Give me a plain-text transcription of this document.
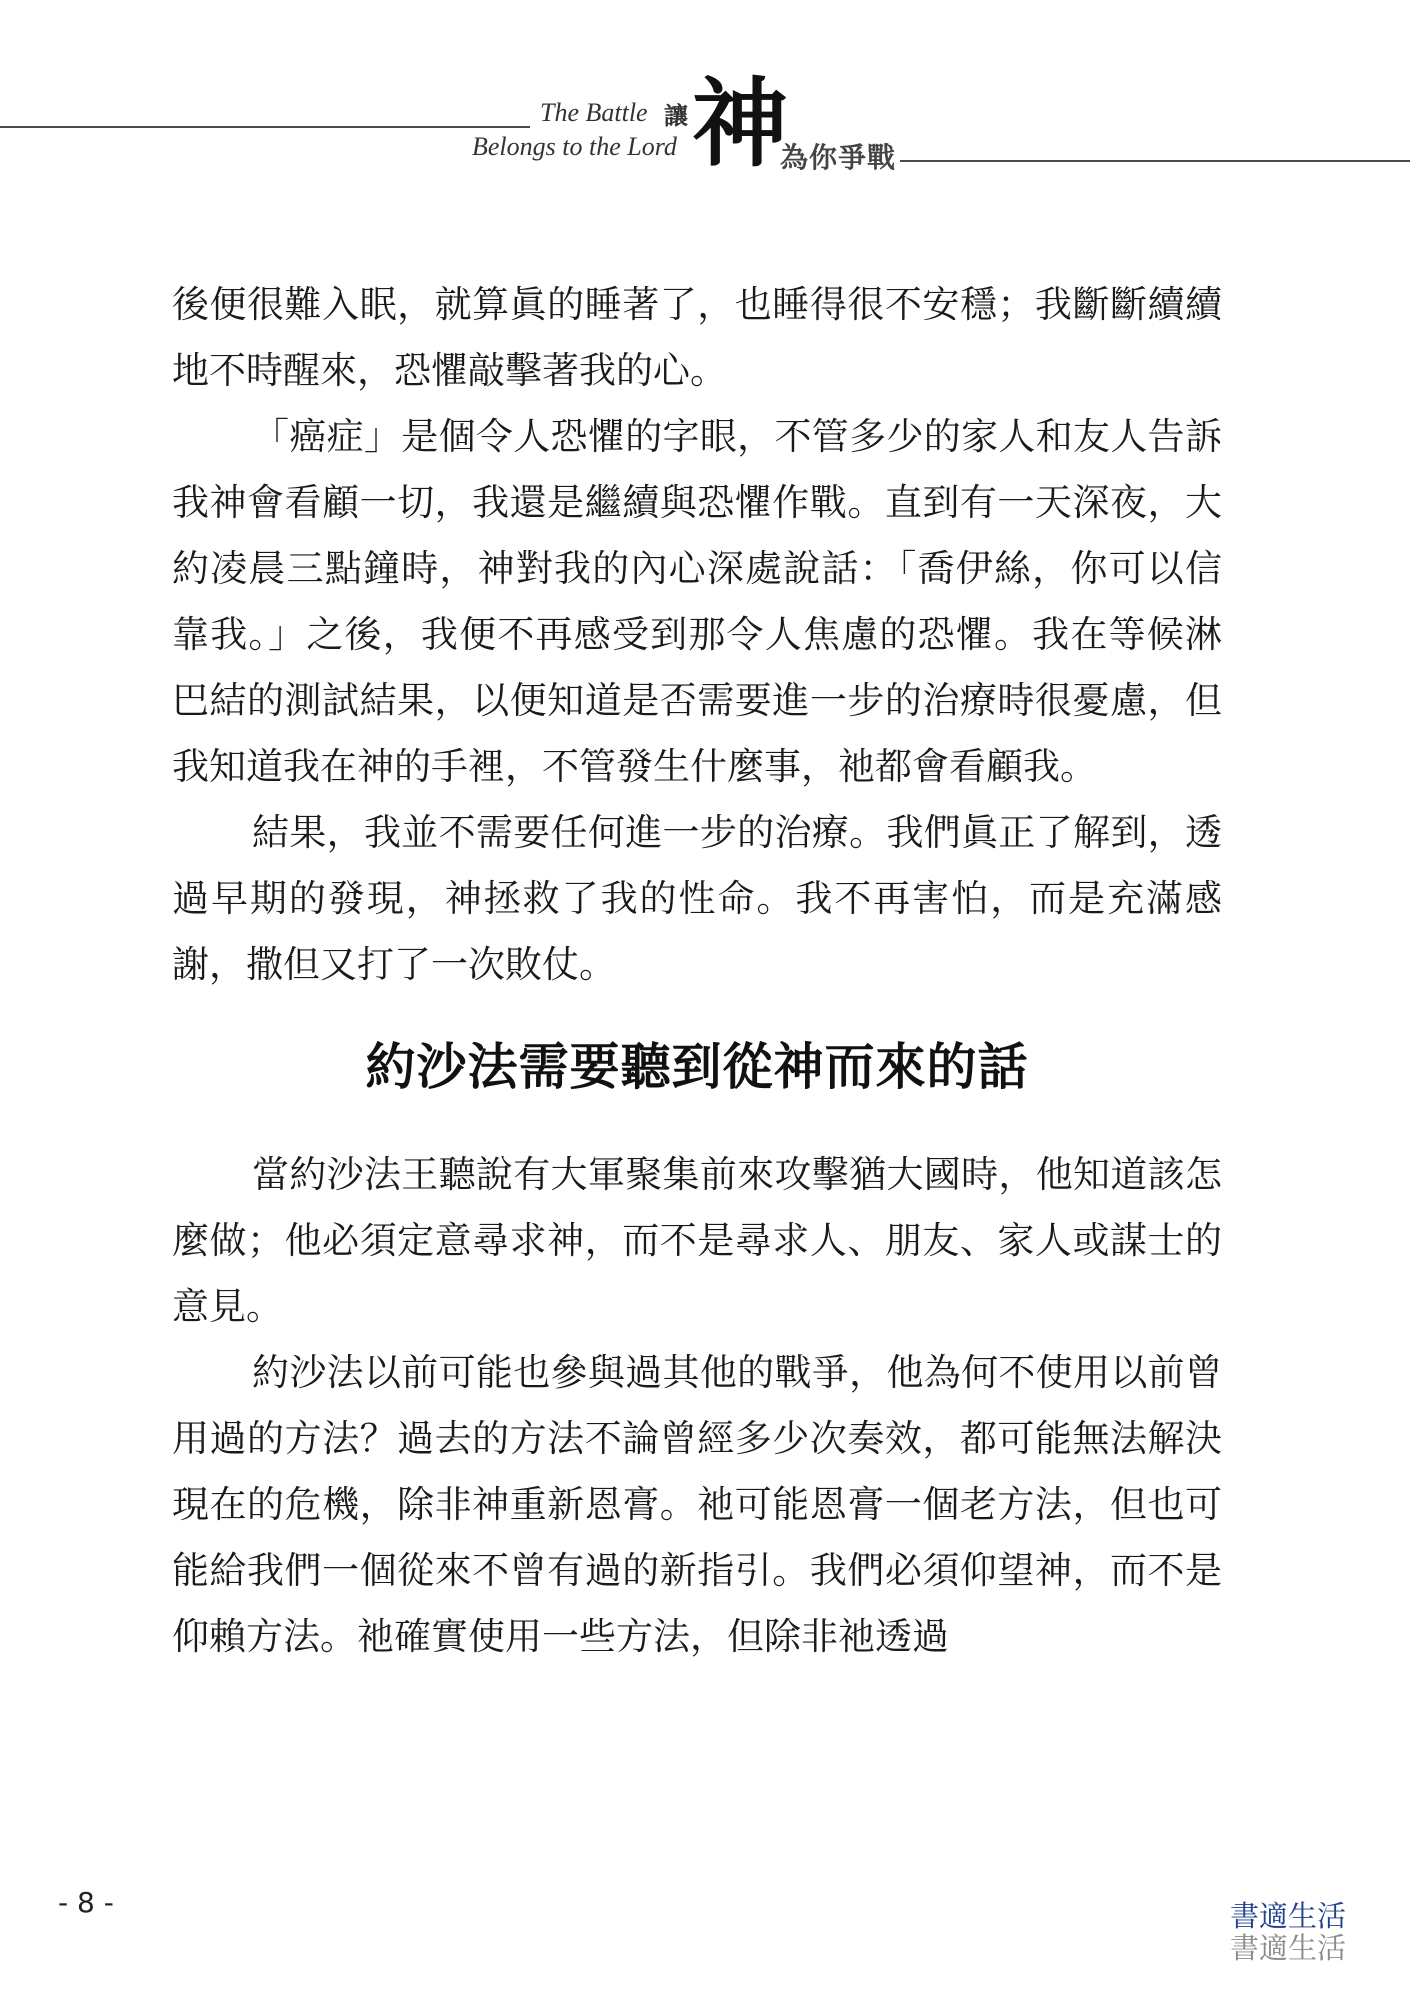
The Battle
Belongs to the Lord
讓 神
為你爭戰

後便很難入眠，就算眞的睡著了，也睡得很不安穩；我斷斷續續地不時醒來，恐懼敲擊著我的心。

「癌症」是個令人恐懼的字眼，不管多少的家人和友人告訴我神會看顧一切，我還是繼續與恐懼作戰。直到有一天深夜，大約凌晨三點鐘時，神對我的內心深處說話：「喬伊絲，你可以信靠我。」之後，我便不再感受到那令人焦慮的恐懼。我在等候淋巴結的測試結果，以便知道是否需要進一步的治療時很憂慮，但我知道我在神的手裡，不管發生什麼事，祂都會看顧我。

結果，我並不需要任何進一步的治療。我們眞正了解到，透過早期的發現，神拯救了我的性命。我不再害怕，而是充滿感謝，撒但又打了一次敗仗。

約沙法需要聽到從神而來的話

當約沙法王聽說有大軍聚集前來攻擊猶大國時，他知道該怎麼做；他必須定意尋求神，而不是尋求人、朋友、家人或謀士的意見。

約沙法以前可能也參與過其他的戰爭，他為何不使用以前曾用過的方法？過去的方法不論曾經多少次奏效，都可能無法解決現在的危機，除非神重新恩膏。祂可能恩膏一個老方法，但也可能給我們一個從來不曾有過的新指引。我們必須仰望神，而不是仰賴方法。祂確實使用一些方法，但除非祂透過

- 8 -	書適生活
書適生活
